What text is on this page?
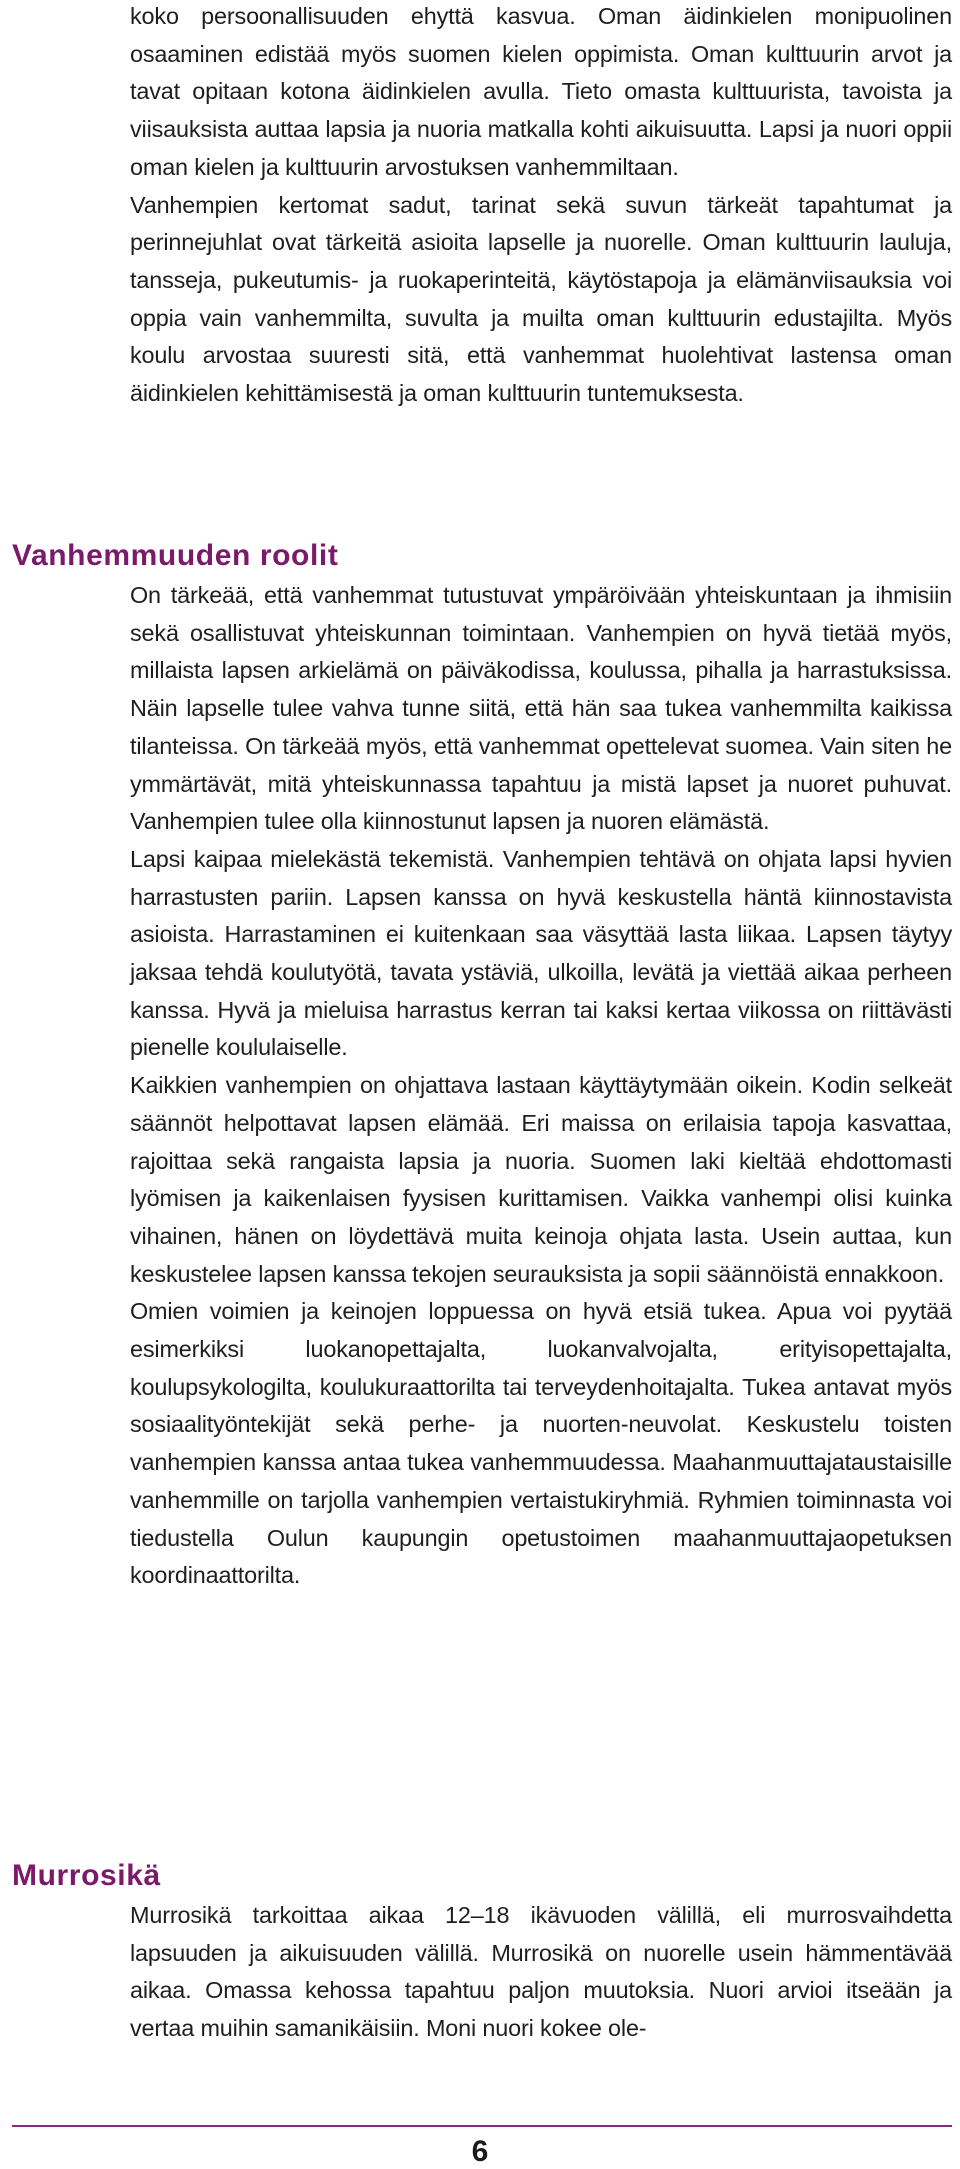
koko persoonallisuuden ehyttä kasvua. Oman äidinkielen monipuolinen osaaminen edistää myös suomen kielen oppimista. Oman kulttuurin arvot ja tavat opitaan kotona äidinkielen avulla. Tieto omasta kulttuurista, tavoista ja viisauksista auttaa lapsia ja nuoria matkalla kohti aikuisuutta. Lapsi ja nuori oppii oman kielen ja kulttuurin arvostuksen vanhemmiltaan.

Vanhempien kertomat sadut, tarinat sekä suvun tärkeät tapahtumat ja perinnejuhlat ovat tärkeitä asioita lapselle ja nuorelle. Oman kulttuurin lauluja, tansseja, pukeutumis- ja ruokaperinteitä, käytöstapoja ja elämänviisauksia voi oppia vain vanhemmilta, suvulta ja muilta oman kulttuurin edustajilta. Myös koulu arvostaa suuresti sitä, että vanhemmat huolehtivat lastensa oman äidinkielen kehittämisestä ja oman kulttuurin tuntemuksesta.

Vanhemmuuden roolit

On tärkeää, että vanhemmat tutustuvat ympäröivään yhteiskuntaan ja ihmisiin sekä osallistuvat yhteiskunnan toimintaan. Vanhempien on hyvä tietää myös, millaista lapsen arkielämä on päiväkodissa, koulussa, pihalla ja harrastuksissa. Näin lapselle tulee vahva tunne siitä, että hän saa tukea vanhemmilta kaikissa tilanteissa. On tärkeää myös, että vanhemmat opettelevat suomea. Vain siten he ymmärtävät, mitä yhteiskunnassa tapahtuu ja mistä lapset ja nuoret puhuvat. Vanhempien tulee olla kiinnostunut lapsen ja nuoren elämästä.

Lapsi kaipaa mielekästä tekemistä. Vanhempien tehtävä on ohjata lapsi hyvien harrastusten pariin. Lapsen kanssa on hyvä keskustella häntä kiinnostavista asioista. Harrastaminen ei kuitenkaan saa väsyttää lasta liikaa. Lapsen täytyy jaksaa tehdä koulutyötä, tavata ystäviä, ulkoilla, levätä ja viettää aikaa perheen kanssa. Hyvä ja mieluisa harrastus kerran tai kaksi kertaa viikossa on riittävästi pienelle koululaiselle.

Kaikkien vanhempien on ohjattava lastaan käyttäytymään oikein. Kodin selkeät säännöt helpottavat lapsen elämää. Eri maissa on erilaisia tapoja kasvattaa, rajoittaa sekä rangaista lapsia ja nuoria. Suomen laki kieltää ehdottomasti lyömisen ja kaikenlaisen fyysisen kurittamisen. Vaikka vanhempi olisi kuinka vihainen, hänen on löydettävä muita keinoja ohjata lasta. Usein auttaa, kun keskustelee lapsen kanssa tekojen seurauksista ja sopii säännöistä ennakkoon.

Omien voimien ja keinojen loppuessa on hyvä etsiä tukea. Apua voi pyytää esimerkiksi luokanopettajalta, luokanvalvojalta, erityisopettajalta, koulupsykologilta, koulukuraattorilta tai terveydenhoitajalta. Tukea antavat myös sosiaalityöntekijät sekä perhe- ja nuorten-neuvolat. Keskustelu toisten vanhempien kanssa antaa tukea vanhemmuudessa. Maahanmuuttajataustaisille vanhemmille on tarjolla vanhempien vertaistukiryhmiä. Ryhmien toiminnasta voi tiedustella Oulun kaupungin opetustoimen maahanmuuttajaopetuksen koordinaattorilta.

Murrosikä

Murrosikä tarkoittaa aikaa 12–18 ikävuoden välillä, eli murrosvaihdetta lapsuuden ja aikuisuuden välillä. Murrosikä on nuorelle usein hämmentävää aikaa. Omassa kehossa tapahtuu paljon muutoksia. Nuori arvioi itseään ja vertaa muihin samanikäisiin. Moni nuori kokee ole-

6
